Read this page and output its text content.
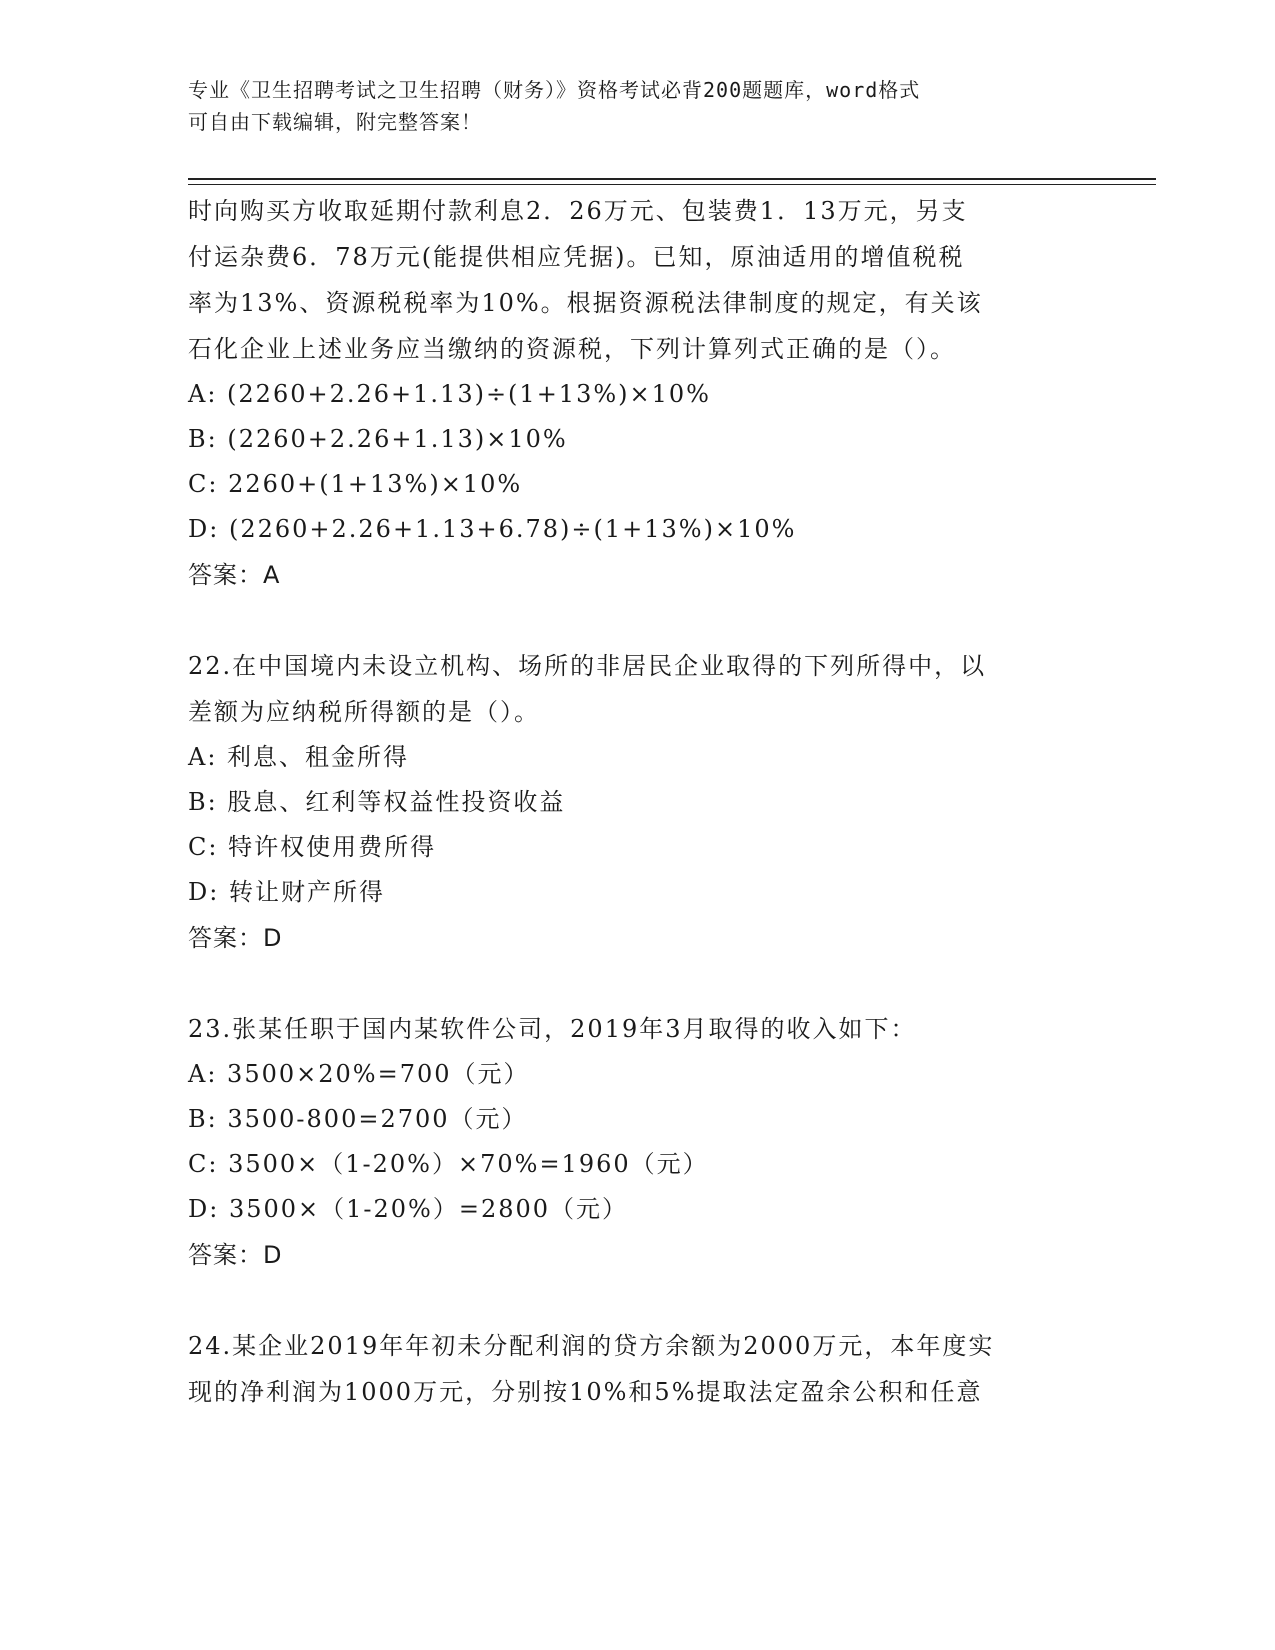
专业《卫生招聘考试之卫生招聘（财务）》资格考试必背200题题库，word格式
可自由下载编辑，附完整答案！
时向购买方收取延期付款利息2．26万元、包装费1．13万元，另支
付运杂费6．78万元(能提供相应凭据)。已知，原油适用的增值税税
率为13%、资源税税率为10%。根据资源税法律制度的规定，有关该
石化企业上述业务应当缴纳的资源税，下列计算列式正确的是（）。
A: (2260+2.26+1.13)÷(1+13%)×10%
B: (2260+2.26+1.13)×10%
C: 2260+(1+13%)×10%
D: (2260+2.26+1.13+6.78)÷(1+13%)×10%
答案：A
22.在中国境内未设立机构、场所的非居民企业取得的下列所得中，以
差额为应纳税所得额的是（）。
A: 利息、租金所得
B: 股息、红利等权益性投资收益
C: 特许权使用费所得
D: 转让财产所得
答案：D
23.张某任职于国内某软件公司，2019年3月取得的收入如下：
A: 3500×20%=700（元）
B: 3500-800=2700（元）
C: 3500×（1-20%）×70%=1960（元）
D: 3500×（1-20%）=2800（元）
答案：D
24.某企业2019年年初未分配利润的贷方余额为2000万元，本年度实
现的净利润为1000万元，分别按10%和5%提取法定盈余公积和任意
